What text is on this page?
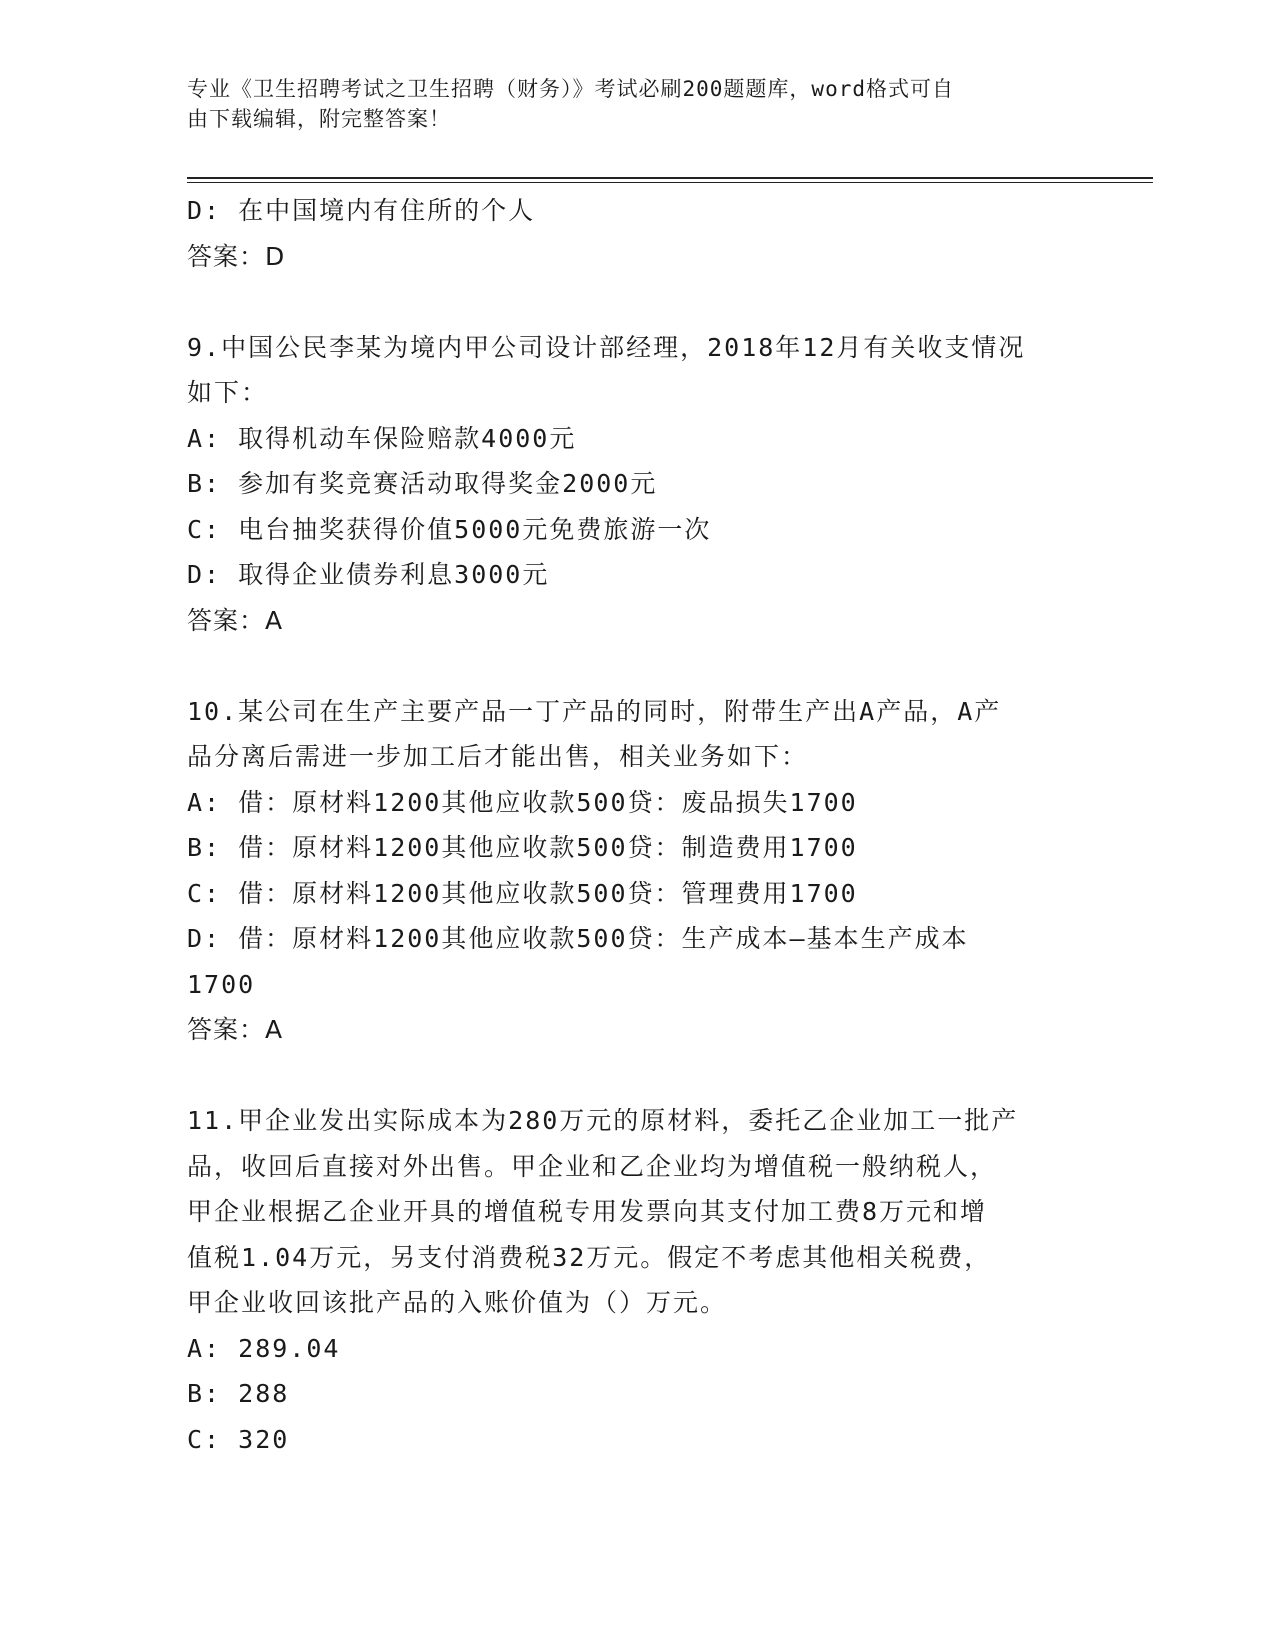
专业《卫生招聘考试之卫生招聘（财务）》考试必刷200题题库，word格式可自
由下载编辑，附完整答案！
D: 在中国境内有住所的个人
答案：D
9.中国公民李某为境内甲公司设计部经理，2018年12月有关收支情况
如下：
A: 取得机动车保险赔款4000元
B: 参加有奖竞赛活动取得奖金2000元
C: 电台抽奖获得价值5000元免费旅游一次
D: 取得企业债券利息3000元
答案：A
10.某公司在生产主要产品一丁产品的同时，附带生产出A产品，A产
品分离后需进一步加工后才能出售，相关业务如下：
A: 借：原材料1200其他应收款500贷：废品损失1700
B: 借：原材料1200其他应收款500贷：制造费用1700
C: 借：原材料1200其他应收款500贷：管理费用1700
D: 借：原材料1200其他应收款500贷：生产成本—基本生产成本
1700
答案：A
11.甲企业发出实际成本为280万元的原材料，委托乙企业加工一批产
品，收回后直接对外出售。甲企业和乙企业均为增值税一般纳税人，
甲企业根据乙企业开具的增值税专用发票向其支付加工费8万元和增
值税1.04万元，另支付消费税32万元。假定不考虑其他相关税费，
甲企业收回该批产品的入账价值为（）万元。
A: 289.04
B: 288
C: 320
